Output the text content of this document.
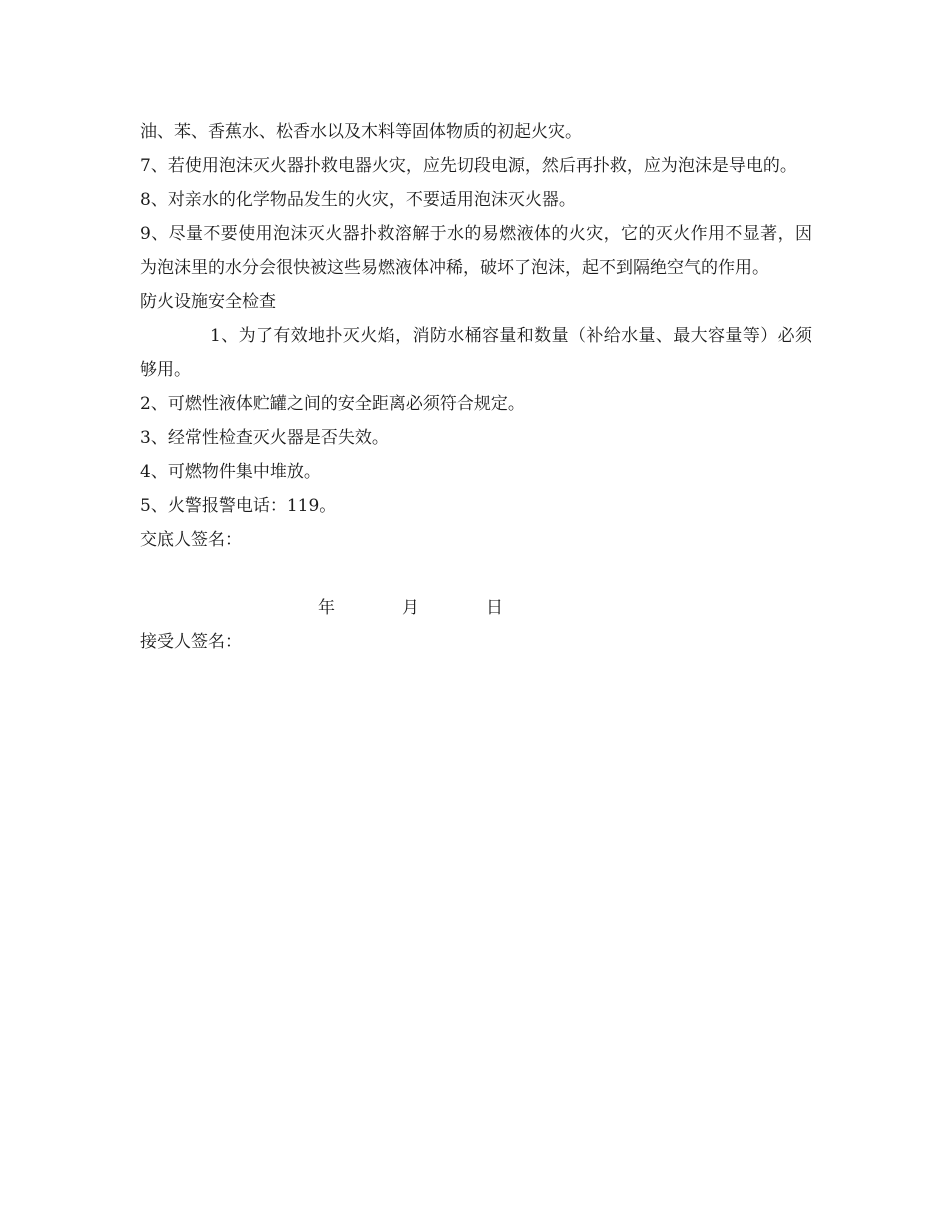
油、苯、香蕉水、松香水以及木料等固体物质的初起火灾。

7、若使用泡沫灭火器扑救电器火灾，应先切段电源，然后再扑救，应为泡沫是导电的。

8、对亲水的化学物品发生的火灾，不要适用泡沫灭火器。

9、尽量不要使用泡沫灭火器扑救溶解于水的易燃液体的火灾，它的灭火作用不显著，因为泡沫里的水分会很快被这些易燃液体冲稀，破坏了泡沫，起不到隔绝空气的作用。

防火设施安全检查

1、为了有效地扑灭火焰，消防水桶容量和数量（补给水量、最大容量等）必须够用。

2、可燃性液体贮罐之间的安全距离必须符合规定。

3、经常性检查灭火器是否失效。

4、可燃物件集中堆放。

5、火警报警电话：119。

交底人签名：

年	月	日

接受人签名：
